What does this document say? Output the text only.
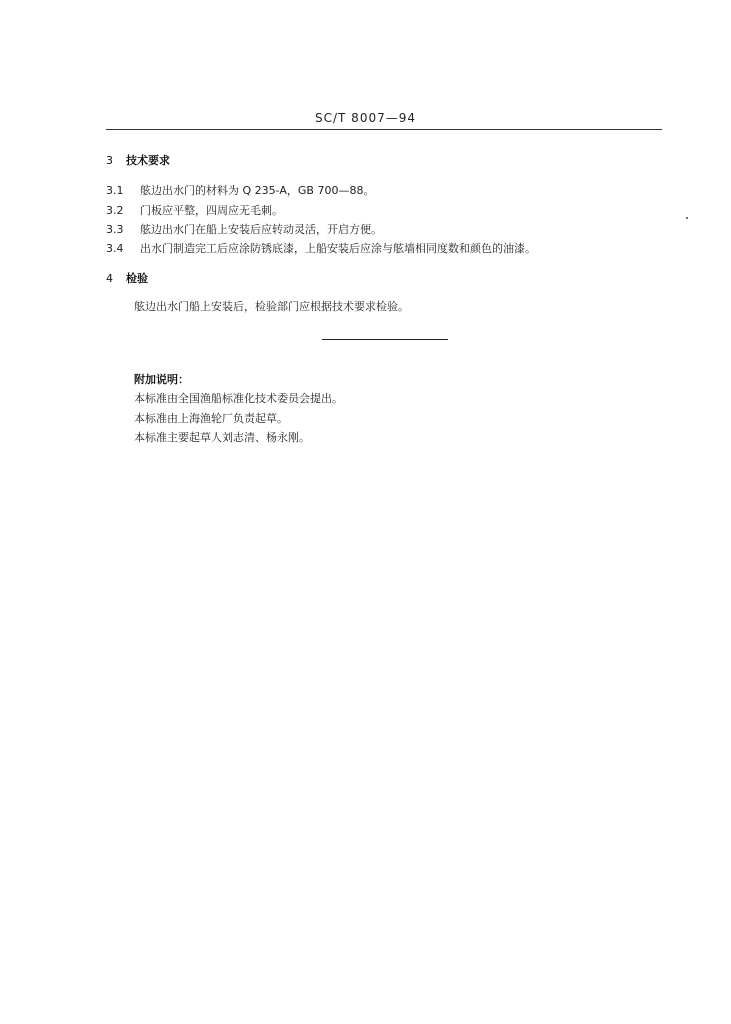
SC/T 8007—94
3 技术要求
3.1 舷边出水门的材料为 Q 235-A，GB 700—88。
3.2 门板应平整，四周应无毛刺。
3.3 舷边出水门在船上安装后应转动灵活，开启方便。
3.4 出水门制造完工后应涂防锈底漆，上船安装后应涂与舷墙相同度数和颜色的油漆。
4 检验
舷边出水门船上安装后，检验部门应根据技术要求检验。
附加说明：
本标准由全国渔船标准化技术委员会提出。
本标准由上海渔轮厂负责起草。
本标准主要起草人刘志清、杨永刚。
